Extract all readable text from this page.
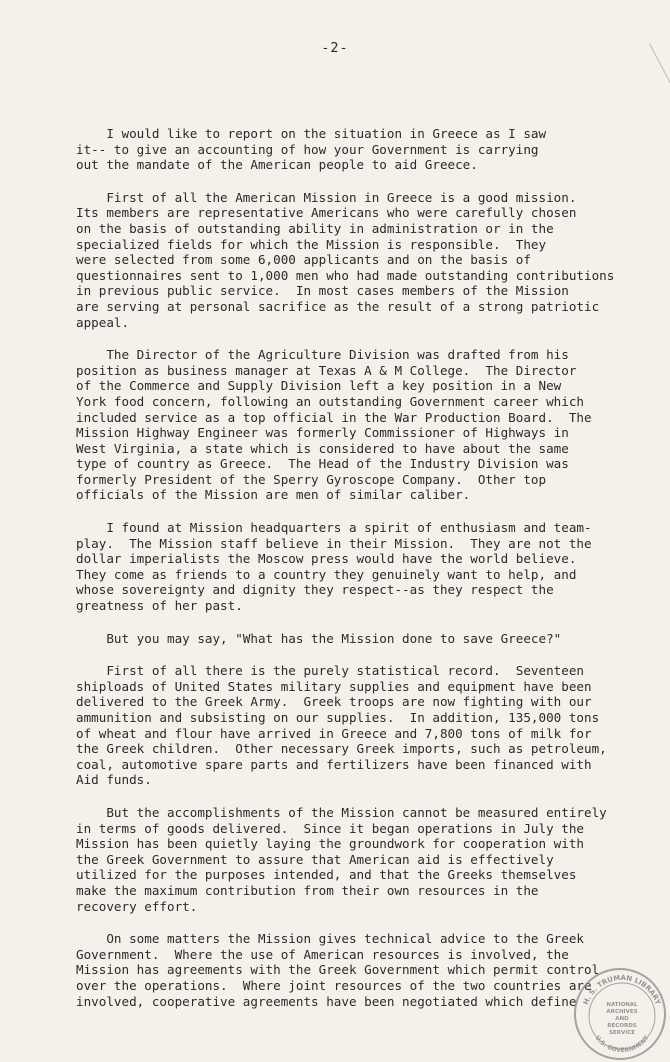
-2-
I would like to report on the situation in Greece as I saw
it-- to give an accounting of how your Government is carrying
out the mandate of the American people to aid Greece.
First of all the American Mission in Greece is a good mission.
Its members are representative Americans who were carefully chosen
on the basis of outstanding ability in administration or in the
specialized fields for which the Mission is responsible.  They
were selected from some 6,000 applicants and on the basis of
questionnaires sent to 1,000 men who had made outstanding contributions
in previous public service.  In most cases members of the Mission
are serving at personal sacrifice as the result of a strong patriotic
appeal.
The Director of the Agriculture Division was drafted from his
position as business manager at Texas A & M College.  The Director
of the Commerce and Supply Division left a key position in a New
York food concern, following an outstanding Government career which
included service as a top official in the War Production Board.  The
Mission Highway Engineer was formerly Commissioner of Highways in
West Virginia, a state which is considered to have about the same
type of country as Greece.  The Head of the Industry Division was
formerly President of the Sperry Gyroscope Company.  Other top
officials of the Mission are men of similar caliber.
I found at Mission headquarters a spirit of enthusiasm and team-
play.  The Mission staff believe in their Mission.  They are not the
dollar imperialists the Moscow press would have the world believe.
They come as friends to a country they genuinely want to help, and
whose sovereignty and dignity they respect--as they respect the
greatness of her past.
But you may say, "What has the Mission done to save Greece?"
First of all there is the purely statistical record.  Seventeen
shiploads of United States military supplies and equipment have been
delivered to the Greek Army.  Greek troops are now fighting with our
ammunition and subsisting on our supplies.  In addition, 135,000 tons
of wheat and flour have arrived in Greece and 7,800 tons of milk for
the Greek children.  Other necessary Greek imports, such as petroleum,
coal, automotive spare parts and fertilizers have been financed with
Aid funds.
But the accomplishments of the Mission cannot be measured entirely
in terms of goods delivered.  Since it began operations in July the
Mission has been quietly laying the groundwork for cooperation with
the Greek Government to assure that American aid is effectively
utilized for the purposes intended, and that the Greeks themselves
make the maximum contribution from their own resources in the
recovery effort.
On some matters the Mission gives technical advice to the Greek
Government.  Where the use of American resources is involved, the
Mission has agreements with the Greek Government which permit control
over the operations.  Where joint resources of the two countries are
involved, cooperative agreements have been negotiated which define H. S. TRUMAN LIBRARY
U.S. GOVERNMENT
NATIONAL
ARCHIVES AND
RECORDS
SERVICE
